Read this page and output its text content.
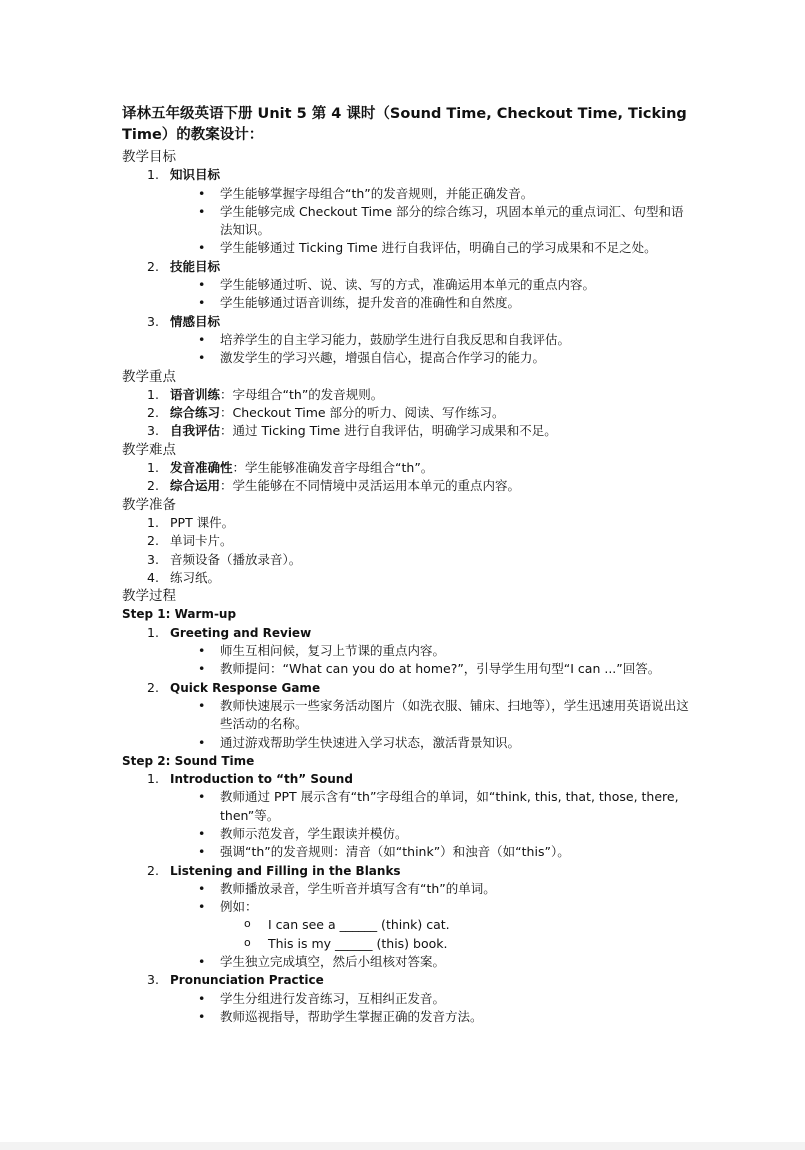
译林五年级英语下册 Unit 5 第 4 课时（Sound Time, Checkout Time, Ticking Time）的教案设计：
教学目标
1. 知识目标
• 学生能够掌握字母组合“th”的发音规则，并能正确发音。
• 学生能够完成 Checkout Time 部分的综合练习，巩固本单元的重点词汇、句型和语法知识。
• 学生能够通过 Ticking Time 进行自我评估，明确自己的学习成果和不足之处。
2. 技能目标
• 学生能够通过听、说、读、写的方式，准确运用本单元的重点内容。
• 学生能够通过语音训练，提升发音的准确性和自然度。
3. 情感目标
• 培养学生的自主学习能力，鼓励学生进行自我反思和自我评估。
• 激发学生的学习兴趣，增强自信心，提高合作学习的能力。
教学重点
1. 语音训练：字母组合“th”的发音规则。
2. 综合练习：Checkout Time 部分的听力、阅读、写作练习。
3. 自我评估：通过 Ticking Time 进行自我评估，明确学习成果和不足。
教学难点
1. 发音准确性：学生能够准确发音字母组合“th”。
2. 综合运用：学生能够在不同情境中灵活运用本单元的重点内容。
教学准备
1. PPT 课件。
2. 单词卡片。
3. 音频设备（播放录音）。
4. 练习纸。
教学过程
Step 1: Warm-up
1. Greeting and Review
• 师生互相问候，复习上节课的重点内容。
• 教师提问：“What can you do at home?”，引导学生用句型“I can ...”回答。
2. Quick Response Game
• 教师快速展示一些家务活动图片（如洗衣服、铺床、扫地等），学生迅速用英语说出这些活动的名称。
• 通过游戏帮助学生快速进入学习状态，激活背景知识。
Step 2: Sound Time
1. Introduction to “th” Sound
• 教师通过 PPT 展示含有“th”字母组合的单词，如“think, this, that, those, there, then”等。
• 教师示范发音，学生跟读并模仿。
• 强调“th”的发音规则：清音（如“think”）和浊音（如“this”）。
2. Listening and Filling in the Blanks
• 教师播放录音，学生听音并填写含有“th”的单词。
• 例如：
o I can see a ______ (think) cat.
o This is my ______ (this) book.
• 学生独立完成填空，然后小组核对答案。
3. Pronunciation Practice
• 学生分组进行发音练习，互相纠正发音。
• 教师巡视指导，帮助学生掌握正确的发音方法。
